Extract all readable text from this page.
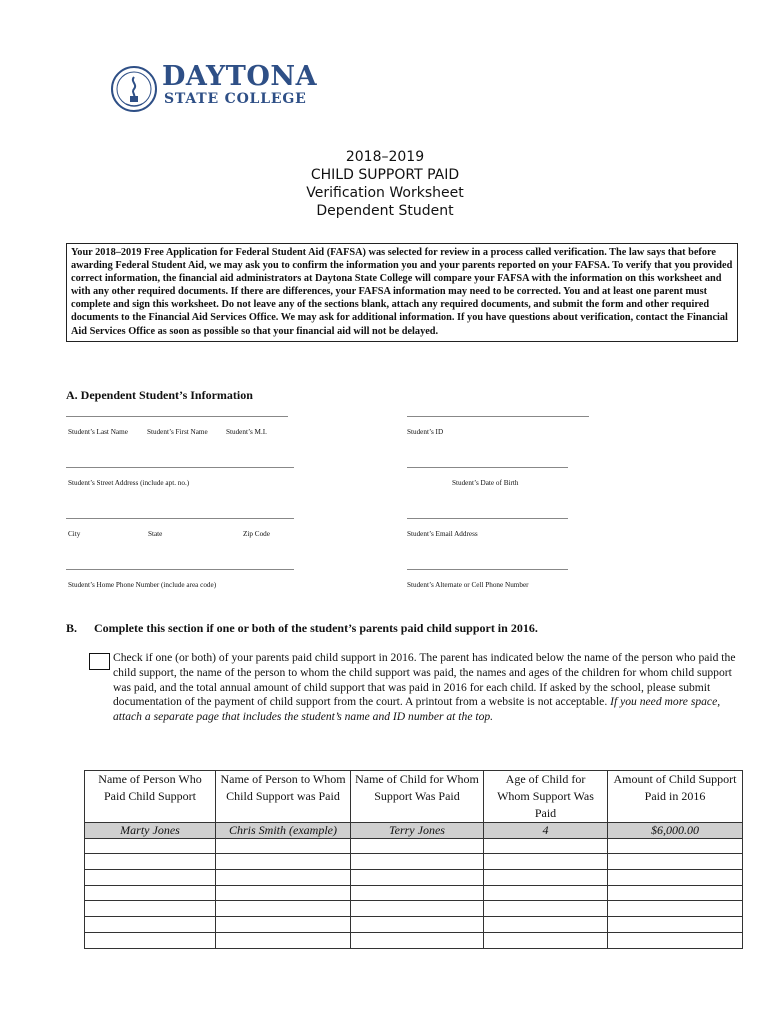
DAYTONA
STATE COLLEGE
2018–2019
CHILD SUPPORT PAID
Verification Worksheet
Dependent Student
Your 2018–2019 Free Application for Federal Student Aid (FAFSA) was selected for review in a process called verification. The law says that before awarding Federal Student Aid, we may ask you to confirm the information you and your parents reported on your FAFSA. To verify that you provided correct information, the financial aid administrators at Daytona State College will compare your FAFSA with the information on this worksheet and with any other required documents. If there are differences, your FAFSA information may need to be corrected. You and at least one parent must complete and sign this worksheet. Do not leave any of the sections blank, attach any required documents, and submit the form and other required documents to the Financial Aid Services Office. We may ask for additional information. If you have questions about verification, contact the Financial Aid Services Office as soon as possible so that your financial aid will not be delayed.
A. Dependent Student’s Information
Student’s Last Name	Student’s First Name	Student’s M.I.	Student’s ID
Student’s Street Address (include apt. no.)	Student’s Date of Birth
City	State	Zip Code	Student’s Email Address
Student’s Home Phone Number (include area code)	Student’s Alternate or Cell Phone Number
B. Complete this section if one or both of the student’s parents paid child support in 2016.
Check if one (or both) of your parents paid child support in 2016. The parent has indicated below the name of the person who paid the child support, the name of the person to whom the child support was paid, the names and ages of the children for whom child support was paid, and the total annual amount of child support that was paid in 2016 for each child. If asked by the school, please submit documentation of the payment of child support from the court. A printout from a website is not acceptable. If you need more space, attach a separate page that includes the student’s name and ID number at the top.
Name of Person Who Paid Child Support	Name of Person to Whom Child Support was Paid	Name of Child for Whom Support Was Paid	Age of Child for Whom Support Was Paid	Amount of Child Support Paid in 2016
Marty Jones	Chris Smith (example)	Terry Jones	4	$6,000.00
